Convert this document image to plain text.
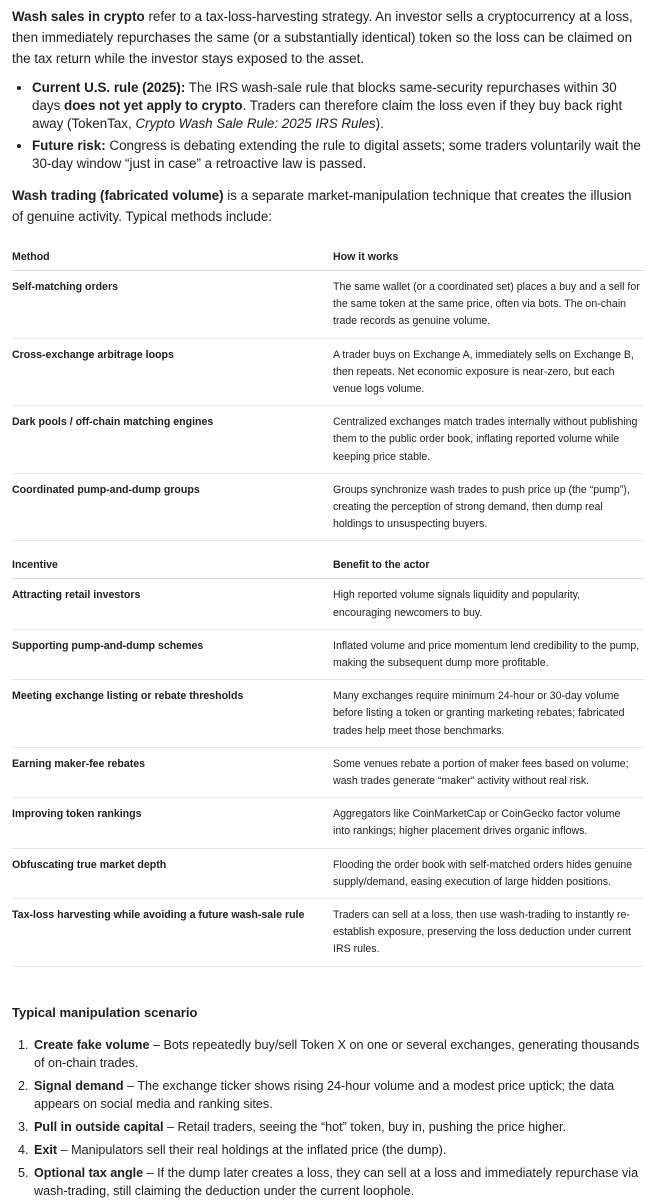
Wash sales in crypto refer to a tax-loss-harvesting strategy. An investor sells a cryptocurrency at a loss, then immediately repurchases the same (or a substantially identical) token so the loss can be claimed on the tax return while the investor stays exposed to the asset.

• Current U.S. rule (2025): The IRS wash-sale rule that blocks same-security repurchases within 30 days does not yet apply to crypto. Traders can therefore claim the loss even if they buy back right away (TokenTax, Crypto Wash Sale Rule: 2025 IRS Rules).
• Future risk: Congress is debating extending the rule to digital assets; some traders voluntarily wait the 30-day window “just in case” a retroactive law is passed.

Wash trading (fabricated volume) is a separate market-manipulation technique that creates the illusion of genuine activity. Typical methods include:

Method	How it works
Self-matching orders	The same wallet (or a coordinated set) places a buy and a sell for the same token at the same price, often via bots. The on-chain trade records as genuine volume.
Cross-exchange arbitrage loops	A trader buys on Exchange A, immediately sells on Exchange B, then repeats. Net economic exposure is near-zero, but each venue logs volume.
Dark pools / off-chain matching engines	Centralized exchanges match trades internally without publishing them to the public order book, inflating reported volume while keeping price stable.
Coordinated pump-and-dump groups	Groups synchronize wash trades to push price up (the “pump”), creating the perception of strong demand, then dump real holdings to unsuspecting buyers.
Incentive	Benefit to the actor
Attracting retail investors	High reported volume signals liquidity and popularity, encouraging newcomers to buy.
Supporting pump-and-dump schemes	Inflated volume and price momentum lend credibility to the pump, making the subsequent dump more profitable.
Meeting exchange listing or rebate thresholds	Many exchanges require minimum 24-hour or 30-day volume before listing a token or granting marketing rebates; fabricated trades help meet those benchmarks.
Earning maker-fee rebates	Some venues rebate a portion of maker fees based on volume; wash trades generate “maker” activity without real risk.
Improving token rankings	Aggregators like CoinMarketCap or CoinGecko factor volume into rankings; higher placement drives organic inflows.
Obfuscating true market depth	Flooding the order book with self-matched orders hides genuine supply/demand, easing execution of large hidden positions.
Tax-loss harvesting while avoiding a future wash-sale rule	Traders can sell at a loss, then use wash-trading to instantly re-establish exposure, preserving the loss deduction under current IRS rules.
Typical manipulation scenario
1. Create fake volume – Bots repeatedly buy/sell Token X on one or several exchanges, generating thousands of on-chain trades.
2. Signal demand – The exchange ticker shows rising 24-hour volume and a modest price uptick; the data appears on social media and ranking sites.
3. Pull in outside capital – Retail traders, seeing the “hot” token, buy in, pushing the price higher.
4. Exit – Manipulators sell their real holdings at the inflated price (the dump).
5. Optional tax angle – If the dump later creates a loss, they can sell at a loss and immediately repurchase via wash-trading, still claiming the deduction under the current loophole.
